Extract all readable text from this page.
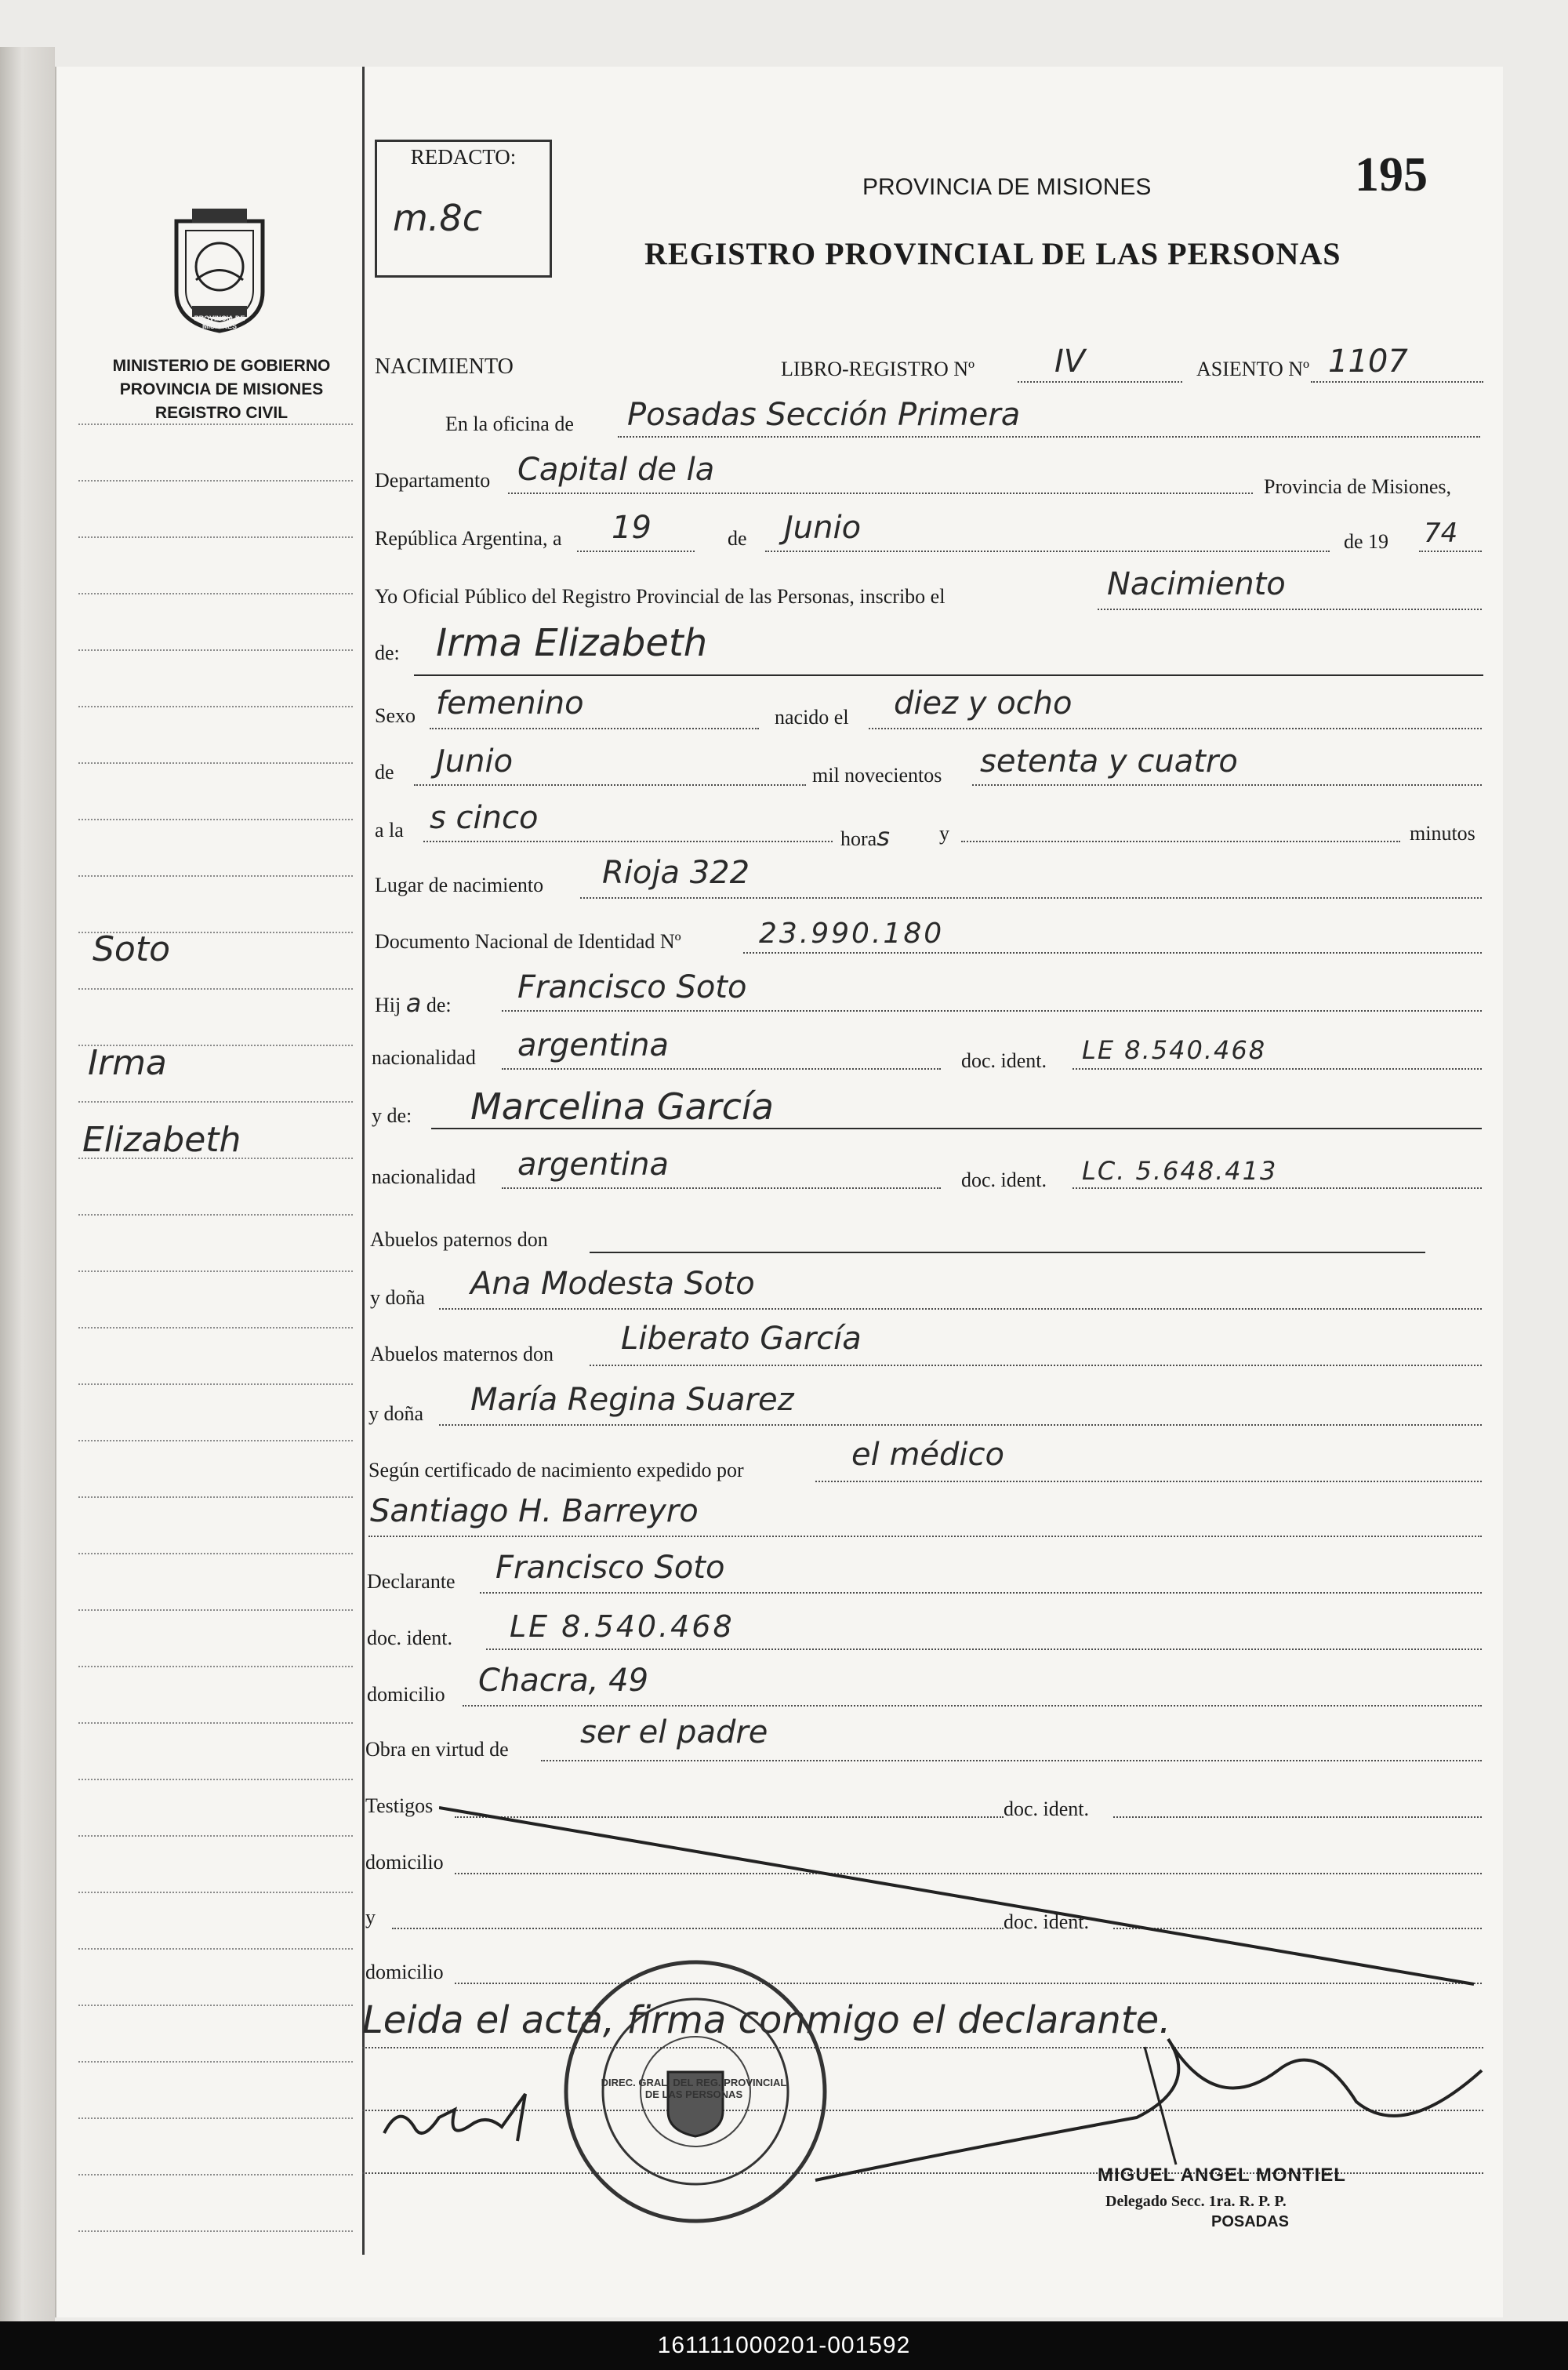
PROVINCIA DE MISIONES
MINISTERIO DE GOBIERNO
PROVINCIA DE MISIONES
REGISTRO CIVIL
Soto
Irma
Elizabeth
REDACTO:
m.8c
PROVINCIA DE MISIONES
REGISTRO PROVINCIAL DE LAS PERSONAS
195
NACIMIENTO	LIBRO-REGISTRO Nº	IV	ASIENTO Nº 1107
En la oficina de Posadas Sección Primera
Departamento Capital de la	Provincia de Misiones,
República Argentina, a 19	de Junio	de 19 74
Yo Oficial Público del Registro Provincial de las Personas, inscribo el	Nacimiento
de: Irma Elizabeth
Sexo femenino	nacido el diez y ocho
de Junio	mil novecientos setenta y cuatro
a la s cinco
horas y	minutos
Lugar de nacimiento Rioja 322
Documento Nacional de Identidad Nº	23.990.180
Hij a de: Francisco Soto
nacionalidad argentina	doc. ident. LE 8.540.468
y de: Marcelina García
nacionalidad argentina	doc. ident. LC. 5.648.413
Abuelos paternos don
y doña Ana Modesta Soto
Abuelos maternos don Liberato García
y doña María Regina Suarez
Según certificado de nacimiento expedido por	el médico
Santiago H. Barreyro
Declarante Francisco Soto
doc. ident. LE 8.540.468
domicilio Chacra, 49
Obra en virtud de ser el padre
Testigos	doc. ident.
domicilio
y	doc. ident.
domicilio
Leida el acta, firma conmigo el declarante.
DIREC. GRAL. DEL REG. PROVINCIAL DE LAS PERSONAS
MIGUEL ANGEL MONTIEL
Delegado Secc. 1ra. R. P. P.
POSADAS
161111000201-001592
